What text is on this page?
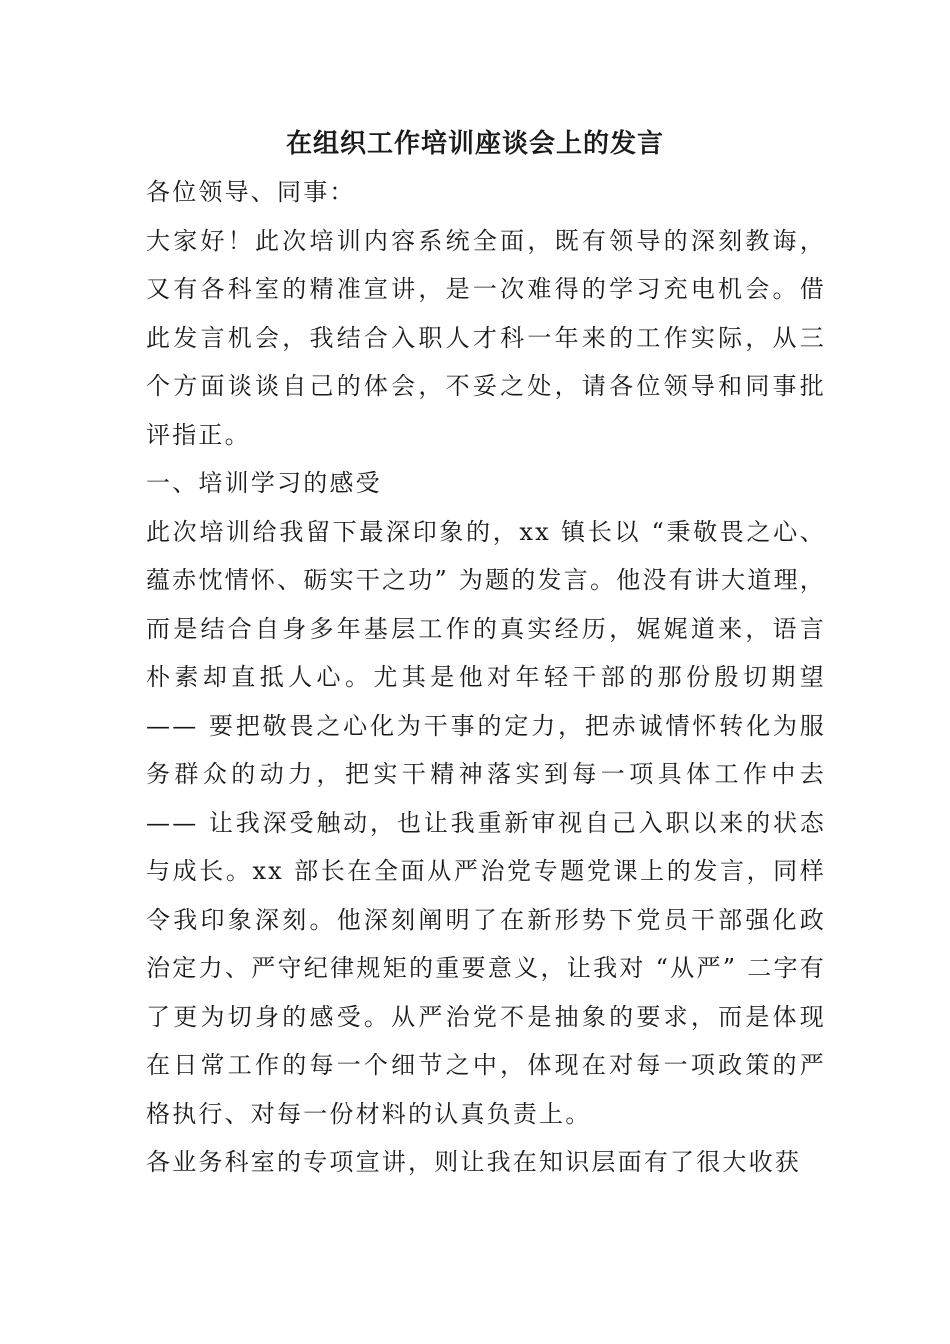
在组织工作培训座谈会上的发言

各位领导、同事：

大家好！此次培训内容系统全面，既有领导的深刻教诲，又有各科室的精准宣讲，是一次难得的学习充电机会。借此发言机会，我结合入职人才科一年来的工作实际，从三个方面谈谈自己的体会，不妥之处，请各位领导和同事批评指正。

一、培训学习的感受

此次培训给我留下最深印象的，xx 镇长以 “秉敬畏之心、蕴赤忱情怀、砺实干之功” 为题的发言。他没有讲大道理，而是结合自身多年基层工作的真实经历，娓娓道来，语言朴素却直抵人心。尤其是他对年轻干部的那份殷切期望—— 要把敬畏之心化为干事的定力，把赤诚情怀转化为服务群众的动力，把实干精神落实到每一项具体工作中去—— 让我深受触动，也让我重新审视自己入职以来的状态与成长。xx 部长在全面从严治党专题党课上的发言，同样令我印象深刻。他深刻阐明了在新形势下党员干部强化政治定力、严守纪律规矩的重要意义，让我对 “从严” 二字有了更为切身的感受。从严治党不是抽象的要求，而是体现在日常工作的每一个细节之中，体现在对每一项政策的严格执行、对每一份材料的认真负责上。

各业务科室的专项宣讲，则让我在知识层面有了很大收获
